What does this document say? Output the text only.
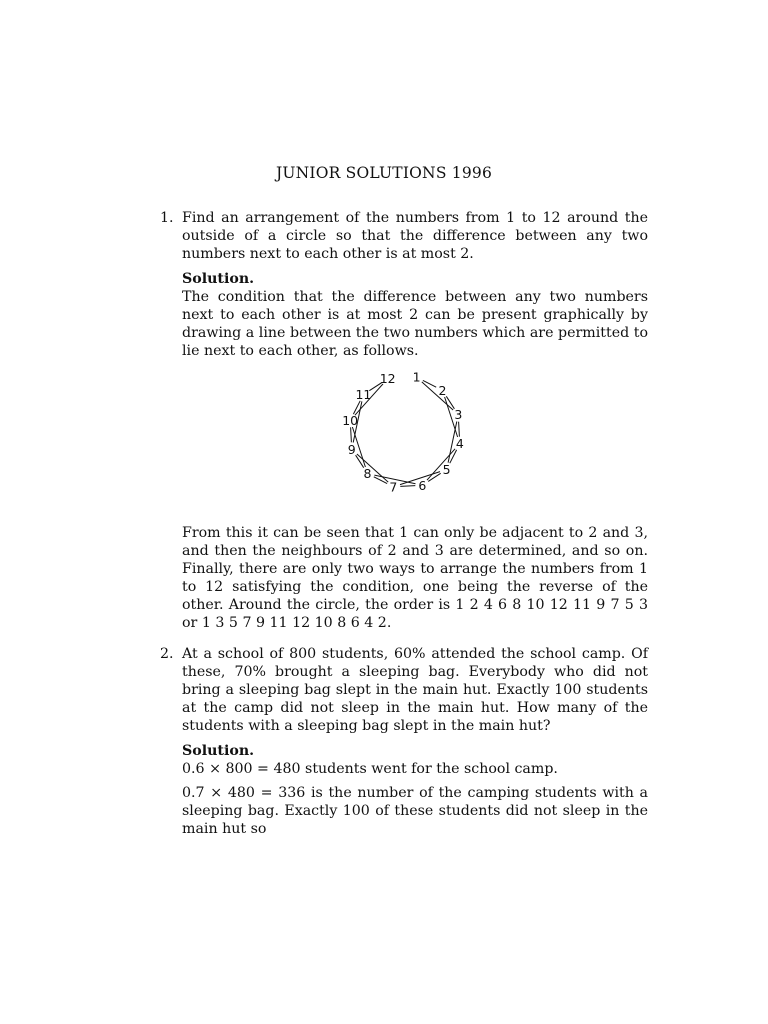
JUNIOR SOLUTIONS 1996
1. Find an arrangement of the numbers from 1 to 12 around the outside of a circle so that the difference between any two numbers next to each other is at most 2.

Solution.

The condition that the difference between any two numbers next to each other is at most 2 can be present graphically by drawing a line between the two numbers which are permitted to lie next to each other, as follows.

1
2
3
4
5
6
7
8
9
10
11
12
From this it can be seen that 1 can only be adjacent to 2 and 3, and then the neighbours of 2 and 3 are determined, and so on. Finally, there are only two ways to arrange the numbers from 1 to 12 satisfying the condition, one being the reverse of the other. Around the circle, the order is 1 2 4 6 8 10 12 11 9 7 5 3 or 1 3 5 7 9 11 12 10 8 6 4 2.
2. At a school of 800 students, 60% attended the school camp. Of these, 70% brought a sleeping bag. Everybody who did not bring a sleeping bag slept in the main hut. Exactly 100 students at the camp did not sleep in the main hut. How many of the students with a sleeping bag slept in the main hut?

Solution.

0.6 × 800 = 480 students went for the school camp.

0.7 × 480 = 336 is the number of the camping students with a sleeping bag. Exactly 100 of these students did not sleep in the main hut so
